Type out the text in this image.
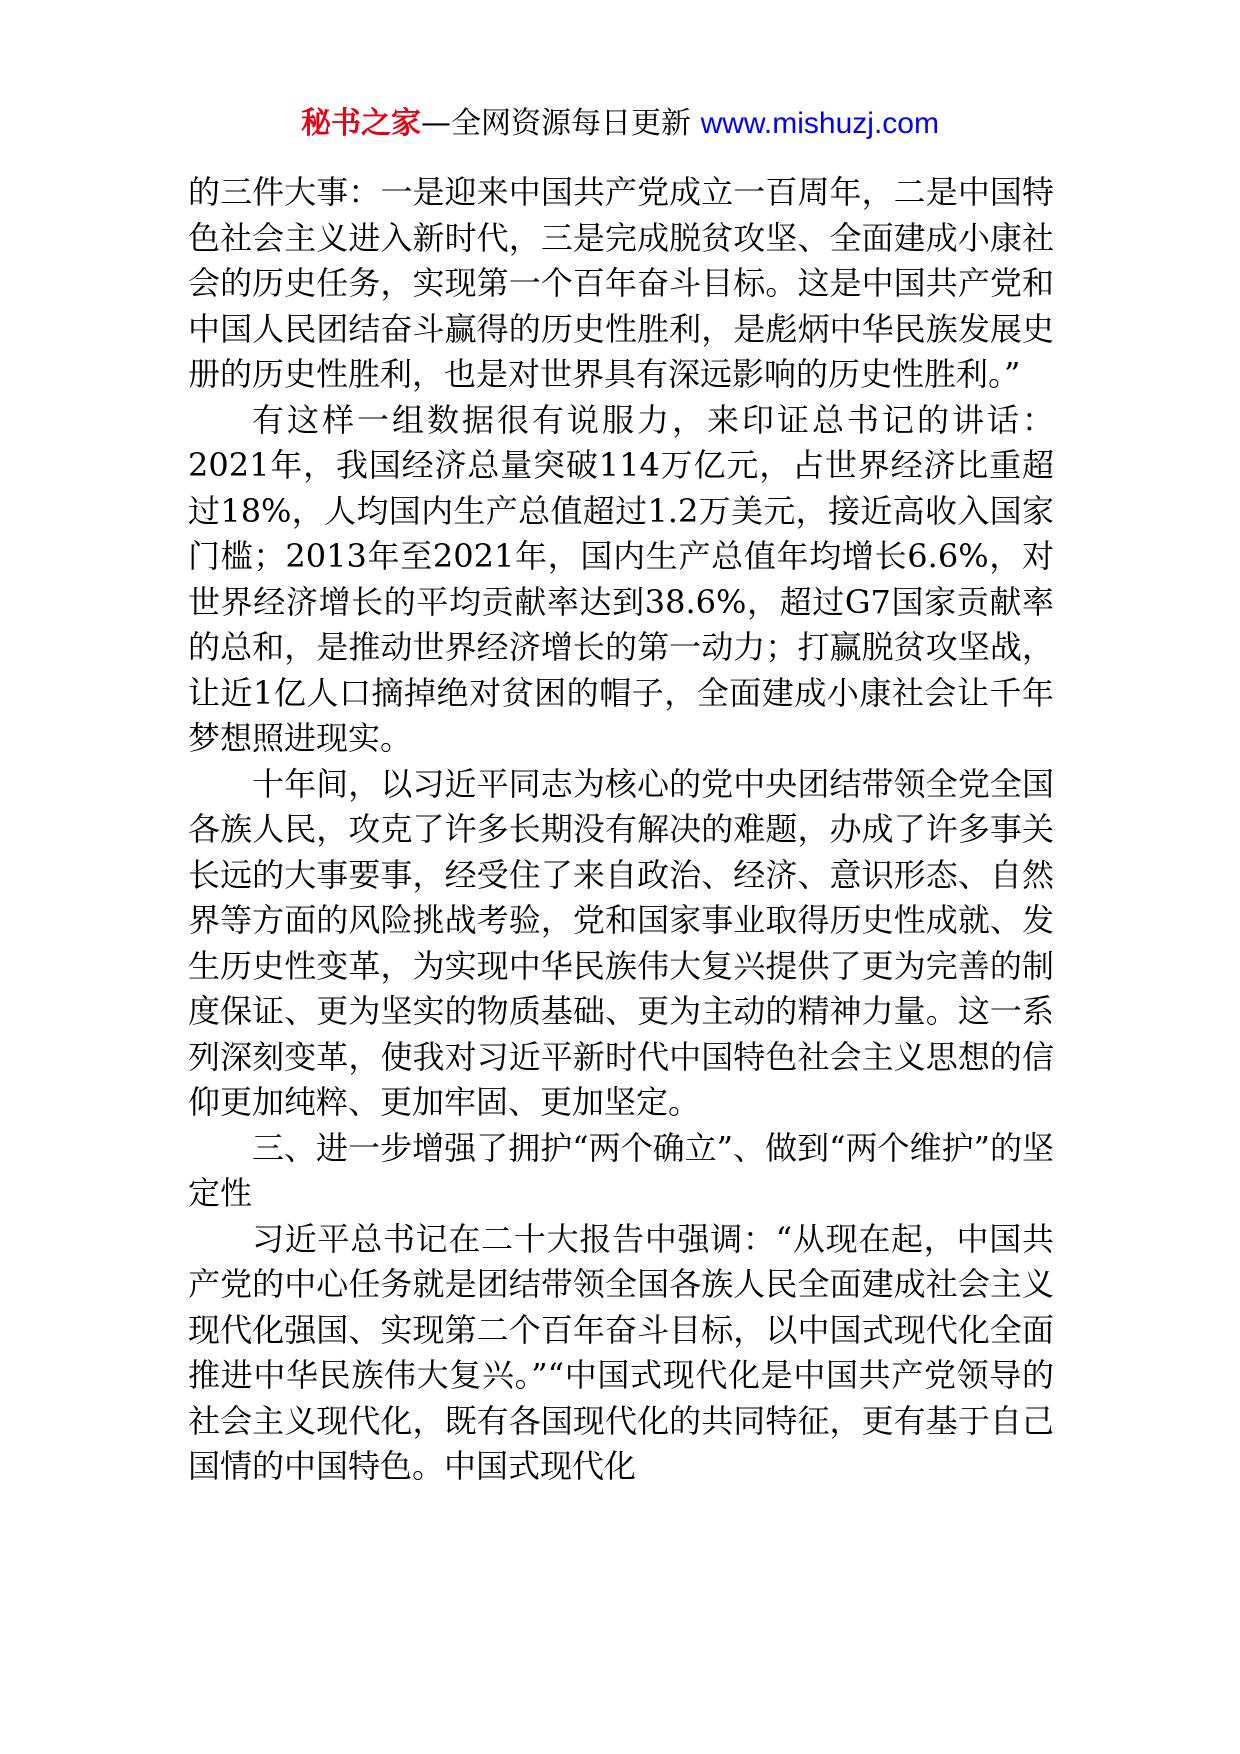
秘书之家—全网资源每日更新 www.mishuzj.com

的三件大事：一是迎来中国共产党成立一百周年，二是中国特色社会主义进入新时代，三是完成脱贫攻坚、全面建成小康社会的历史任务，实现第一个百年奋斗目标。这是中国共产党和中国人民团结奋斗赢得的历史性胜利，是彪炳中华民族发展史册的历史性胜利，也是对世界具有深远影响的历史性胜利。”

有这样一组数据很有说服力，来印证总书记的讲话：2021年，我国经济总量突破114万亿元，占世界经济比重超过18%，人均国内生产总值超过1.2万美元，接近高收入国家门槛；2013年至2021年，国内生产总值年均增长6.6%，对世界经济增长的平均贡献率达到38.6%，超过G7国家贡献率的总和，是推动世界经济增长的第一动力；打赢脱贫攻坚战，让近1亿人口摘掉绝对贫困的帽子，全面建成小康社会让千年梦想照进现实。

十年间，以习近平同志为核心的党中央团结带领全党全国各族人民，攻克了许多长期没有解决的难题，办成了许多事关长远的大事要事，经受住了来自政治、经济、意识形态、自然界等方面的风险挑战考验，党和国家事业取得历史性成就、发生历史性变革，为实现中华民族伟大复兴提供了更为完善的制度保证、更为坚实的物质基础、更为主动的精神力量。这一系列深刻变革，使我对习近平新时代中国特色社会主义思想的信仰更加纯粹、更加牢固、更加坚定。

三、进一步增强了拥护“两个确立”、做到“两个维护”的坚定性

习近平总书记在二十大报告中强调：“从现在起，中国共产党的中心任务就是团结带领全国各族人民全面建成社会主义现代化强国、实现第二个百年奋斗目标，以中国式现代化全面推进中华民族伟大复兴。”“中国式现代化是中国共产党领导的社会主义现代化，既有各国现代化的共同特征，更有基于自己国情的中国特色。中国式现代化
